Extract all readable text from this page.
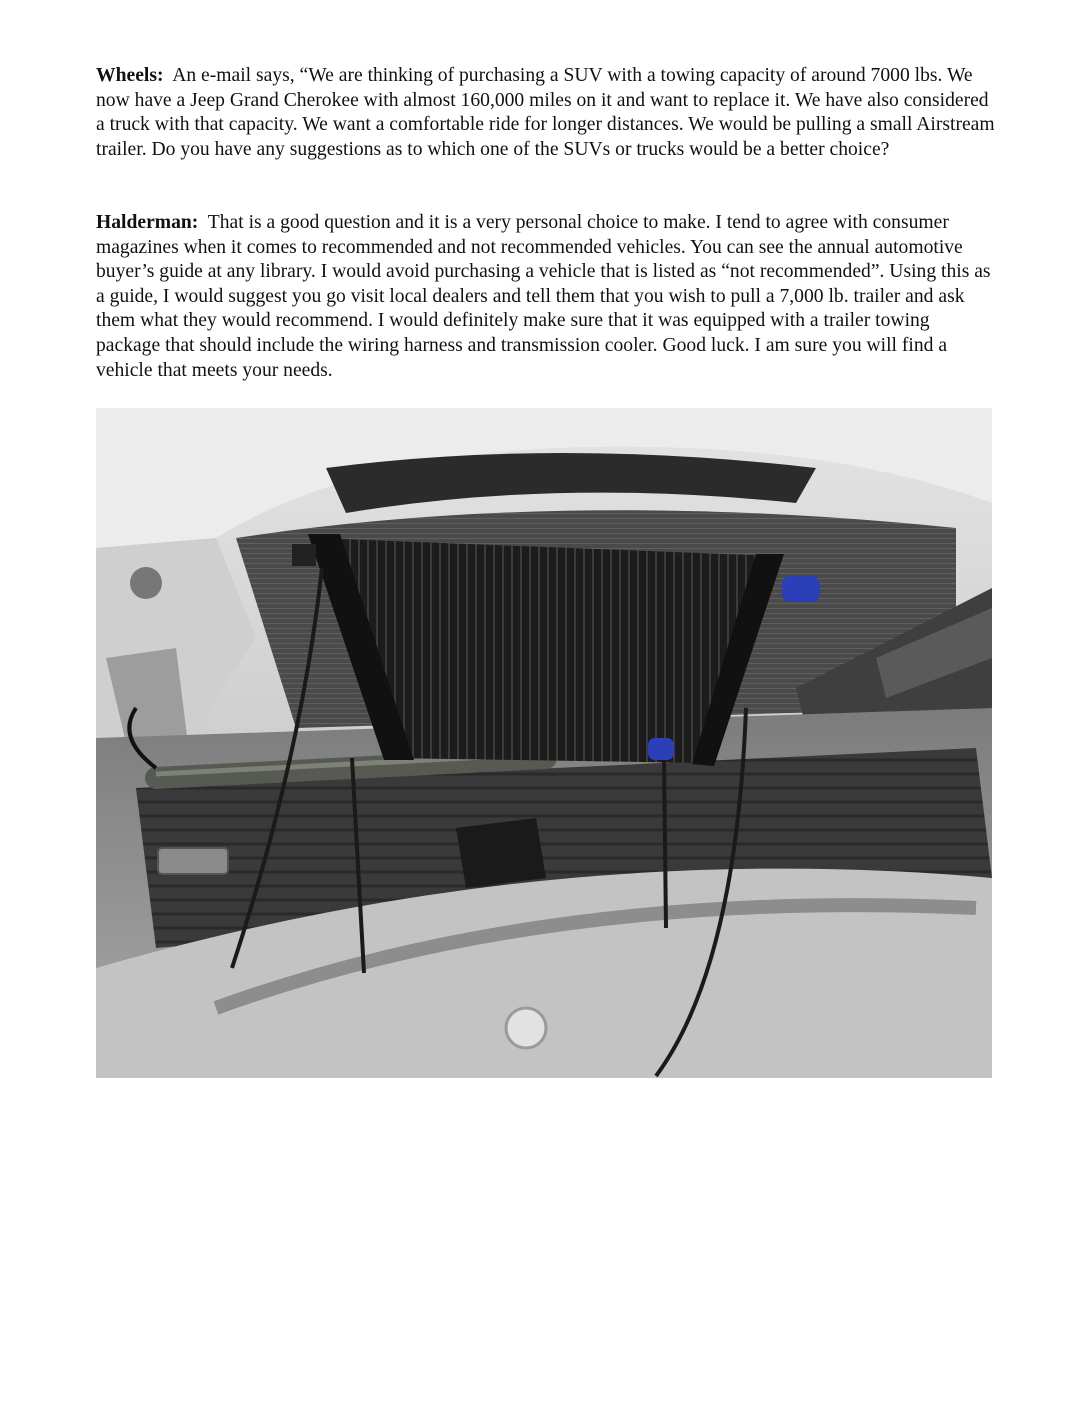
Wheels: An e-mail says, “We are thinking of purchasing a SUV with a towing capacity of around 7000 lbs. We now have a Jeep Grand Cherokee with almost 160,000 miles on it and want to replace it. We have also considered a truck with that capacity. We want a comfortable ride for longer distances. We would be pulling a small Airstream trailer. Do you have any suggestions as to which one of the SUVs or trucks would be a better choice?

Halderman: That is a good question and it is a very personal choice to make. I tend to agree with consumer magazines when it comes to recommended and not recommended vehicles. You can see the annual automotive buyer’s guide at any library. I would avoid purchasing a vehicle that is listed as “not recommended”. Using this as a guide, I would suggest you go visit local dealers and tell them that you wish to pull a 7,000 lb. trailer and ask them what they would recommend. I would definitely make sure that it was equipped with a trailer towing package that should include the wiring harness and transmission cooler. Good luck. I am sure you will find a vehicle that meets your needs.
